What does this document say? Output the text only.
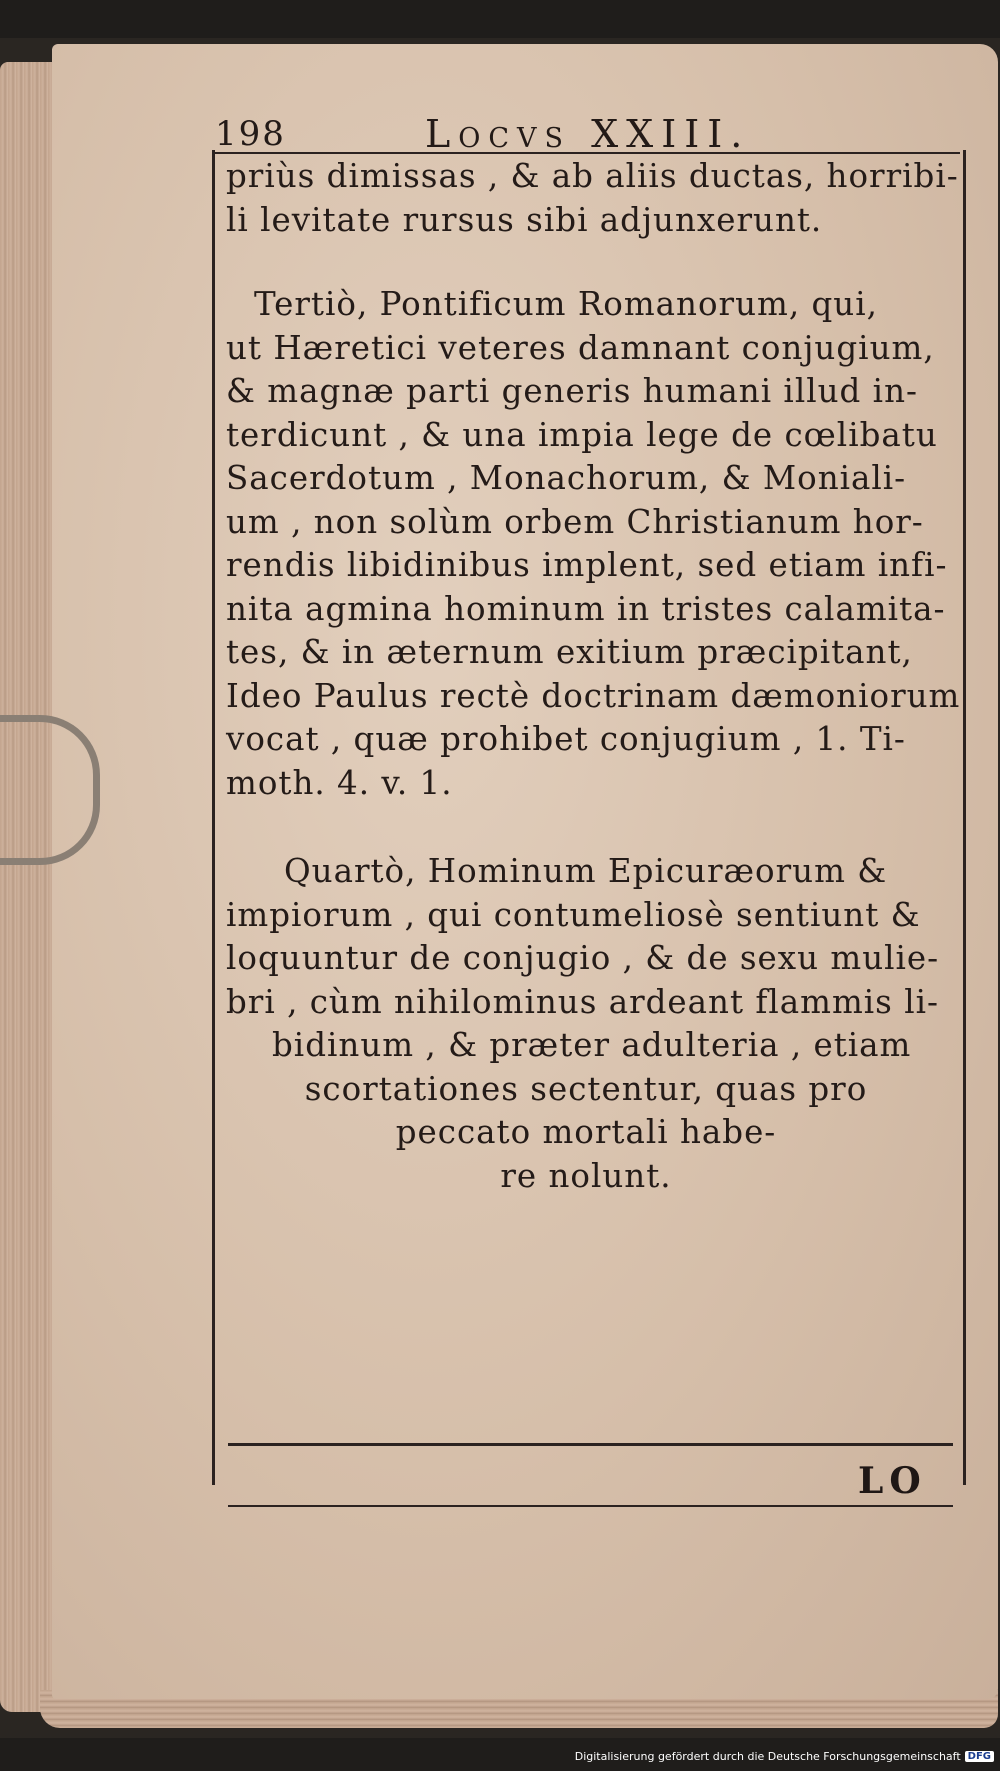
198	Locvs XXIII.
priùs dimissas , & ab aliis ductas, horribi-
li levitate rursus sibi adjunxerunt.
Tertiò, Pontificum Romanorum, qui,
ut Hæretici veteres damnant conjugium,
& magnæ parti generis humani illud in-
terdicunt , & una impia lege de cœlibatu
Sacerdotum , Monachorum, & Moniali-
um , non solùm orbem Christianum hor-
rendis libidinibus implent, sed etiam infi-
nita agmina hominum in tristes calamita-
tes, & in æternum exitium præcipitant,
Ideo Paulus rectè doctrinam dæmoniorum
vocat , quæ prohibet conjugium , 1. Ti-
moth. 4. v. 1.
Quartò, Hominum Epicuræorum &
impiorum , qui contumeliosè sentiunt &
loquuntur de conjugio , & de sexu mulie-
bri , cùm nihilominus ardeant flammis li-
bidinum , & præter adulteria , etiam
scortationes sectentur, quas pro
peccato mortali habe-
re nolunt.
LO
Digitalisierung gefördert durch die Deutsche Forschungsgemeinschaft DFG
